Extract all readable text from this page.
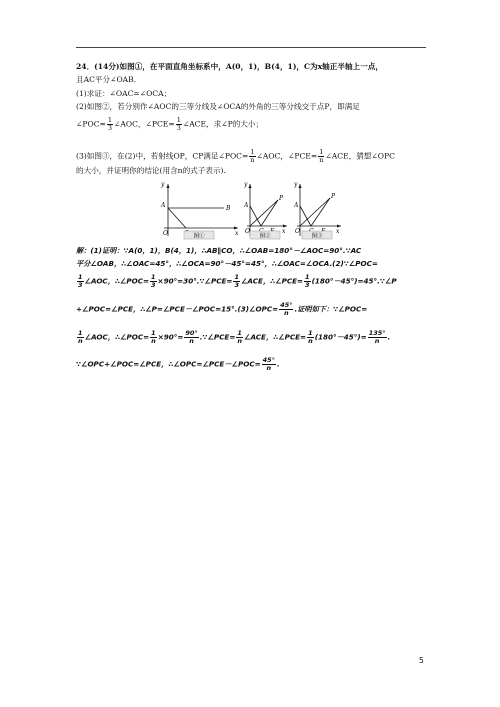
24．(14分)如图①，在平面直角坐标系中，A(0，1)，B(4，1)，C为x轴正半轴上一点，
且AC平分∠OAB.
(1)求证：∠OAC=∠OCA；
(2)如图②，若分别作∠AOC的三等分线及∠OCA的外角的三等分线交于点P，即满足
∠POC= $\frac{1}{3}$ ∠AOC，∠PCE= $\frac{1}{3}$ ∠ACE，求∠P的大小；
(3)如图③，在(2)中，若射线OP，CP满足∠POC= $\frac{1}{n}$ ∠AOC，∠PCE= $\frac{1}{n}$ ∠ACE，猜想∠OPC
的大小，并证明你的结论(用含n的式子表示).
y
A	B
O	x
图①
y
A
P
O	x
图②
y
A
P
O	x
图③
解：(1)证明：∵A(0，1)，B(4，1)，∴AB∥CO，∴∠OAB=180°－∠AOC=90°.∵AC
平分∠OAB，∴∠OAC=45°，∴∠OCA=90°－45°=45°，∴∠OAC=∠OCA.(2)∵∠POC=
$\frac{1}{3}$ ∠AOC，∴∠POC= $\frac{1}{3}$ ×90°=30°.∵∠PCE= $\frac{1}{3}$ ∠ACE，∴∠PCE= $\frac{1}{3}$ (180°－45°)=45°.∵∠P
+∠POC=∠PCE，∴∠P=∠PCE－∠POC=15°.(3)∠OPC= $\frac{45^\circ}{n}$ .证明如下：∵∠POC=
$\frac{1}{n}$ ∠AOC，∴∠POC= $\frac{1}{n} \times 90^\circ= \frac{90^\circ}{n}$ .∵∠PCE= $\frac{1}{n}$ ∠ACE，∴∠PCE= $\frac{1}{n} (180^\circ-45^\circ)= \frac{135^\circ}{n}$ .
∵∠OPC+∠POC=∠PCE，∴∠OPC=∠PCE－∠POC= $\frac{45^\circ}{n}$ .
5
